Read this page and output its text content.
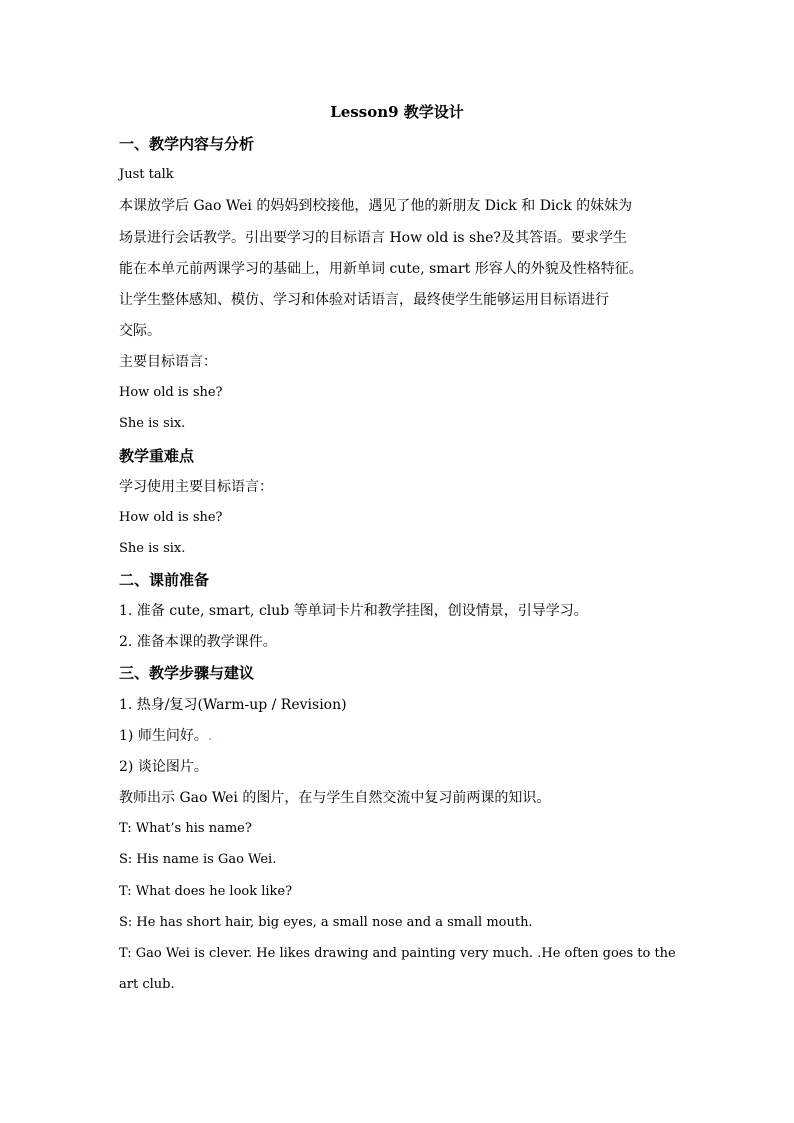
Lesson9 教学设计
一、教学内容与分析
Just talk
本课放学后 Gao Wei 的妈妈到校接他，遇见了他的新朋友 Dick 和 Dick 的妹妹为
场景进行会话教学。引出要学习的目标语言 How old is she?及其答语。要求学生
能在本单元前两课学习的基础上，用新单词 cute, smart 形容人的外貌及性格特征。
让学生整体感知、模仿、学习和体验对话语言，最终使学生能够运用目标语进行
交际。
主要目标语言：
How old is she?
She is six.
教学重难点
学习使用主要目标语言：
How old is she?
She is six.
二、课前准备
1. 准备 cute, smart, club 等单词卡片和教学挂图，创设情景，引导学习。
2. 准备本课的教学课件。
三、教学步骤与建议
1. 热身/复习(Warm-up / Revision)
1) 师生问好。.
2) 谈论图片。
教师出示 Gao Wei 的图片，在与学生自然交流中复习前两课的知识。
T: What’s his name?
S: His name is Gao Wei.
T: What does he look like?
S: He has short hair, big eyes, a small nose and a small mouth.
T: Gao Wei is clever. He likes drawing and painting very much. .He often goes to the
art club.
